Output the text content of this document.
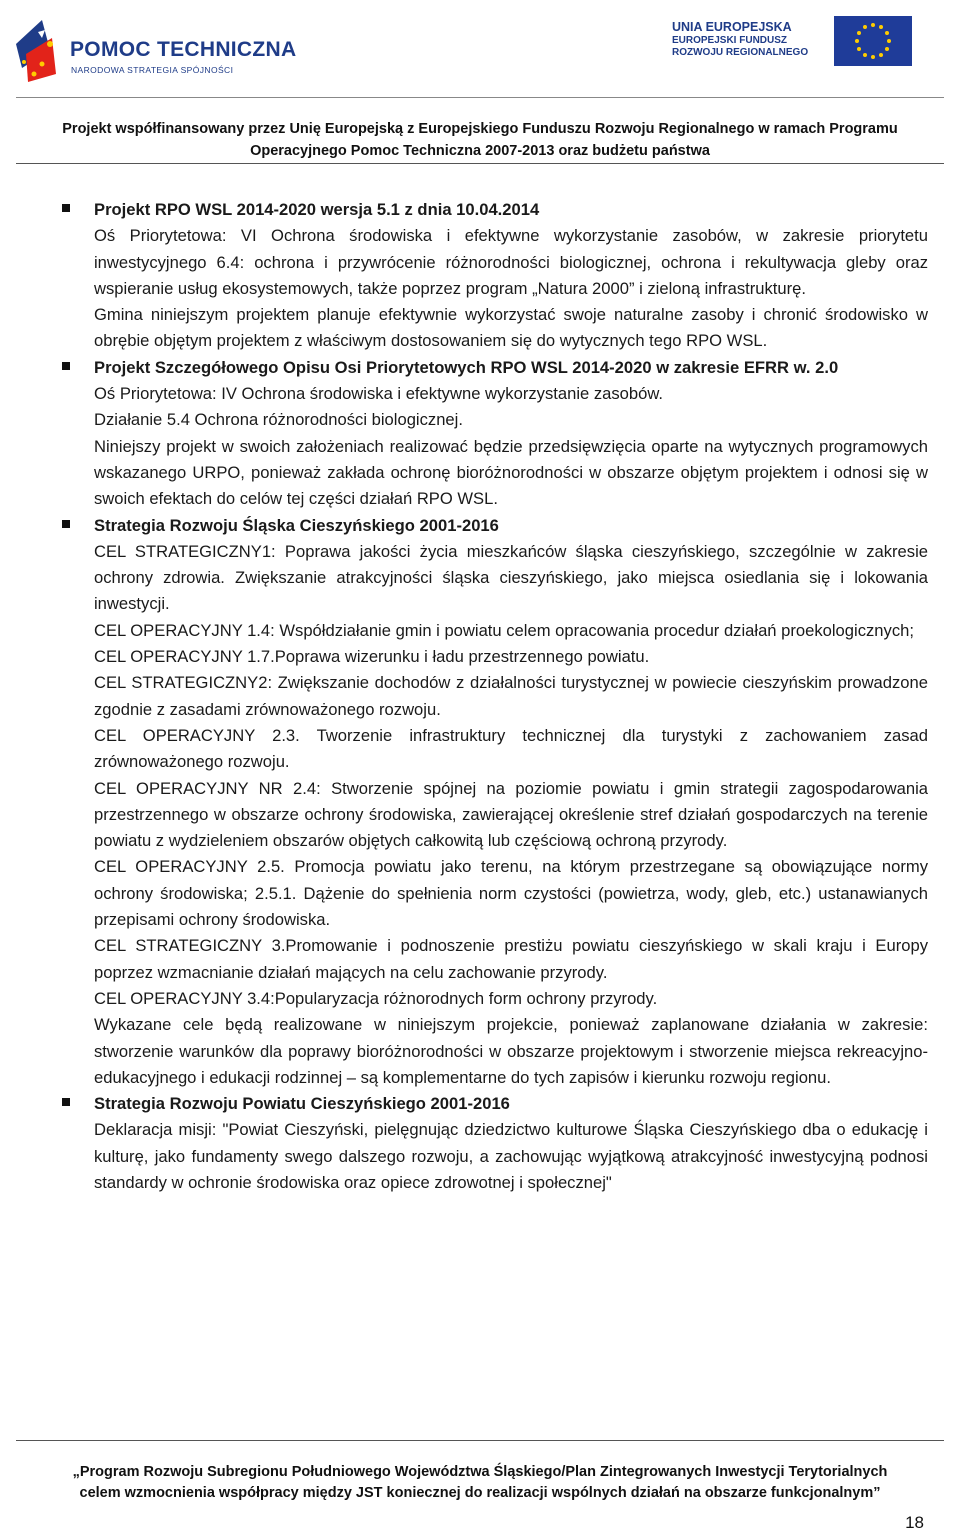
POMOC TECHNICZNA
NARODOWA STRATEGIA SPÓJNOŚCI
UNIA EUROPEJSKA
EUROPEJSKI FUNDUSZ
ROZWOJU REGIONALNEGO
Projekt współfinansowany przez Unię Europejską z Europejskiego Funduszu Rozwoju Regionalnego w ramach Programu
Operacyjnego Pomoc Techniczna 2007-2013 oraz budżetu państwa

Projekt RPO WSL 2014-2020 wersja 5.1 z dnia 10.04.2014

Oś Priorytetowa: VI Ochrona środowiska i efektywne wykorzystanie zasobów, w zakresie priorytetu inwestycyjnego 6.4: ochrona i przywrócenie różnorodności biologicznej, ochrona i rekultywacja gleby oraz wspieranie usług ekosystemowych, także poprzez program „Natura 2000” i zieloną infrastrukturę.

Gmina niniejszym projektem planuje efektywnie wykorzystać swoje naturalne zasoby i chronić środowisko w obrębie objętym projektem z właściwym dostosowaniem się do wytycznych tego RPO WSL.

Projekt Szczegółowego Opisu Osi Priorytetowych RPO WSL 2014-2020 w zakresie EFRR w. 2.0

Oś Priorytetowa: IV Ochrona środowiska i efektywne wykorzystanie zasobów.

Działanie 5.4 Ochrona różnorodności biologicznej.

Niniejszy projekt w swoich założeniach realizować będzie przedsięwzięcia oparte na wytycznych programowych wskazanego URPO, ponieważ zakłada ochronę bioróżnorodności w obszarze objętym projektem i odnosi się w swoich efektach do celów tej części działań RPO WSL.

Strategia Rozwoju Śląska Cieszyńskiego 2001-2016

CEL STRATEGICZNY1: Poprawa jakości życia mieszkańców śląska cieszyńskiego, szczególnie w zakresie ochrony zdrowia. Zwiększanie atrakcyjności śląska cieszyńskiego, jako miejsca osiedlania się i lokowania inwestycji.

CEL OPERACYJNY 1.4: Współdziałanie gmin i powiatu celem opracowania procedur działań proekologicznych;

CEL OPERACYJNY 1.7.Poprawa wizerunku i ładu przestrzennego powiatu.

CEL STRATEGICZNY2: Zwiększanie dochodów z działalności turystycznej w powiecie cieszyńskim prowadzone zgodnie z zasadami zrównoważonego rozwoju.

CEL OPERACYJNY 2.3. Tworzenie infrastruktury technicznej dla turystyki z zachowaniem zasad zrównoważonego rozwoju.

CEL OPERACYJNY NR 2.4: Stworzenie spójnej na poziomie powiatu i gmin strategii zagospodarowania przestrzennego w obszarze ochrony środowiska, zawierającej określenie stref działań gospodarczych na terenie powiatu z wydzieleniem obszarów objętych całkowitą lub częściową ochroną przyrody.

CEL OPERACYJNY 2.5. Promocja powiatu jako terenu, na którym przestrzegane są obowiązujące normy ochrony środowiska; 2.5.1. Dążenie do spełnienia norm czystości (powietrza, wody, gleb, etc.) ustanawianych przepisami ochrony środowiska.

CEL STRATEGICZNY 3.Promowanie i podnoszenie prestiżu powiatu cieszyńskiego w skali kraju i Europy poprzez wzmacnianie działań mających na celu zachowanie przyrody.

CEL OPERACYJNY 3.4:Popularyzacja różnorodnych form ochrony przyrody.

Wykazane cele będą realizowane w niniejszym projekcie, ponieważ zaplanowane działania w zakresie: stworzenie warunków dla poprawy bioróżnorodności w obszarze projektowym i stworzenie miejsca rekreacyjno-edukacyjnego i edukacji rodzinnej – są komplementarne do tych zapisów i kierunku rozwoju regionu.

Strategia Rozwoju Powiatu Cieszyńskiego 2001-2016

Deklaracja misji: "Powiat Cieszyński, pielęgnując dziedzictwo kulturowe Śląska Cieszyńskiego dba o edukację i kulturę, jako fundamenty swego dalszego rozwoju, a zachowując wyjątkową atrakcyjność inwestycyjną podnosi standardy w ochronie środowiska oraz opiece zdrowotnej i społecznej"

„Program Rozwoju Subregionu Południowego Województwa Śląskiego/Plan Zintegrowanych Inwestycji Terytorialnych
celem wzmocnienia współpracy między JST koniecznej do realizacji wspólnych działań na obszarze funkcjonalnym”
18
